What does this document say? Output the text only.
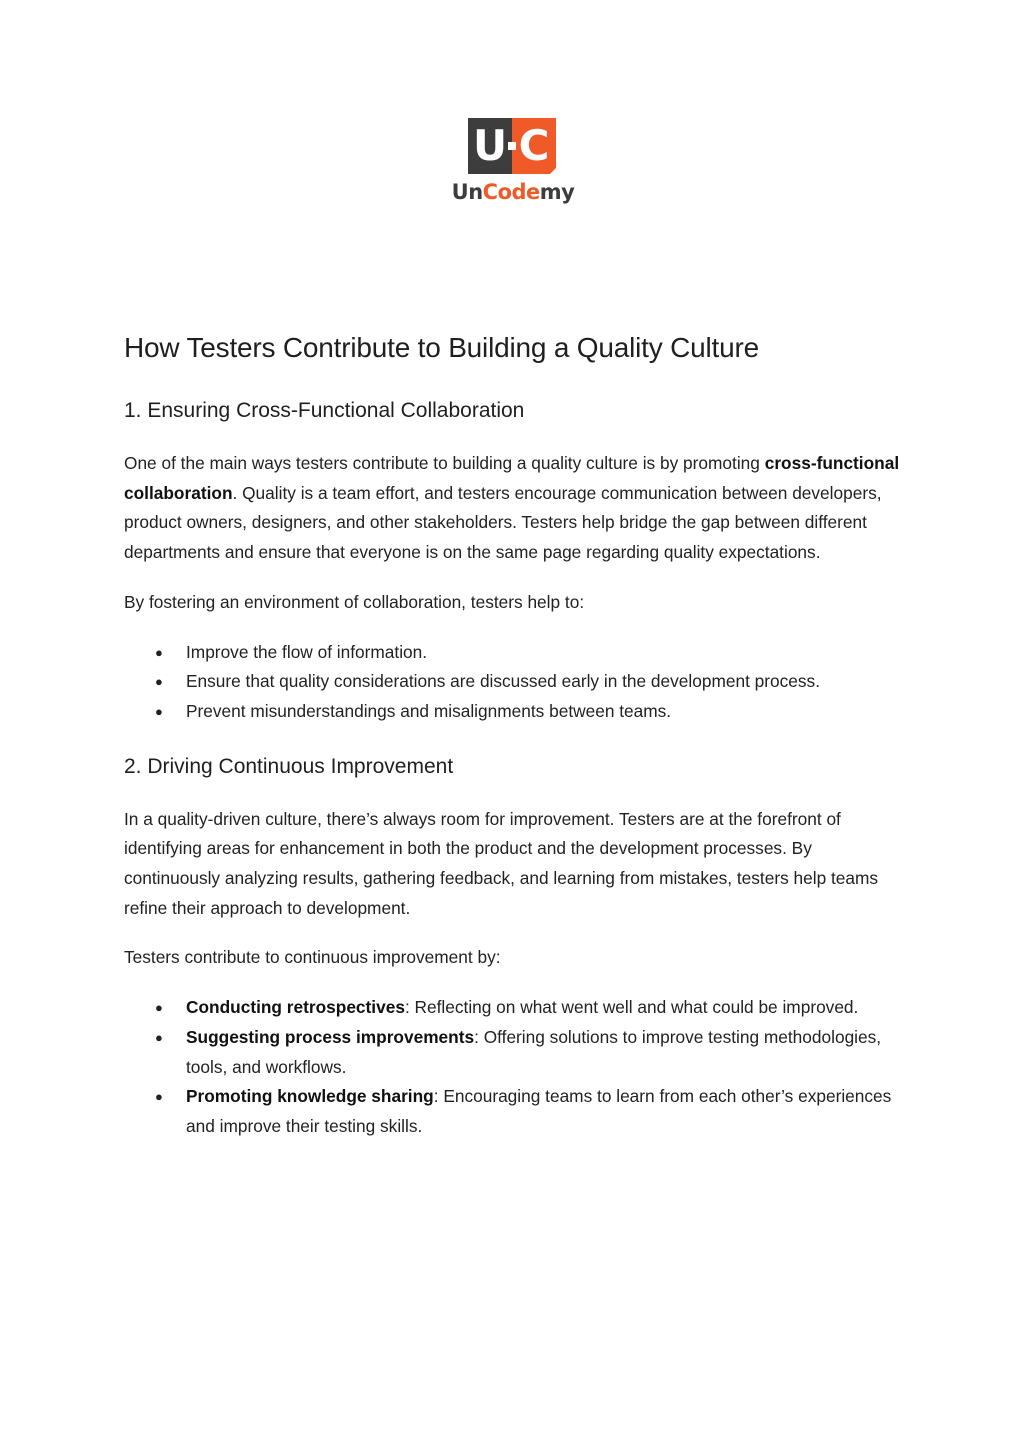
U C
UnCodemy
How Testers Contribute to Building a Quality Culture
1. Ensuring Cross-Functional Collaboration

One of the main ways testers contribute to building a quality culture is by promoting cross-functional collaboration. Quality is a team effort, and testers encourage communication between developers, product owners, designers, and other stakeholders. Testers help bridge the gap between different departments and ensure that everyone is on the same page regarding quality expectations.

By fostering an environment of collaboration, testers help to:

● Improve the flow of information.
● Ensure that quality considerations are discussed early in the development process.
● Prevent misunderstandings and misalignments between teams.
2. Driving Continuous Improvement

In a quality-driven culture, there’s always room for improvement. Testers are at the forefront of identifying areas for enhancement in both the product and the development processes. By continuously analyzing results, gathering feedback, and learning from mistakes, testers help teams refine their approach to development.

Testers contribute to continuous improvement by:

● Conducting retrospectives: Reflecting on what went well and what could be improved.
● Suggesting process improvements: Offering solutions to improve testing methodologies, tools, and workflows.
● Promoting knowledge sharing: Encouraging teams to learn from each other’s experiences and improve their testing skills.
